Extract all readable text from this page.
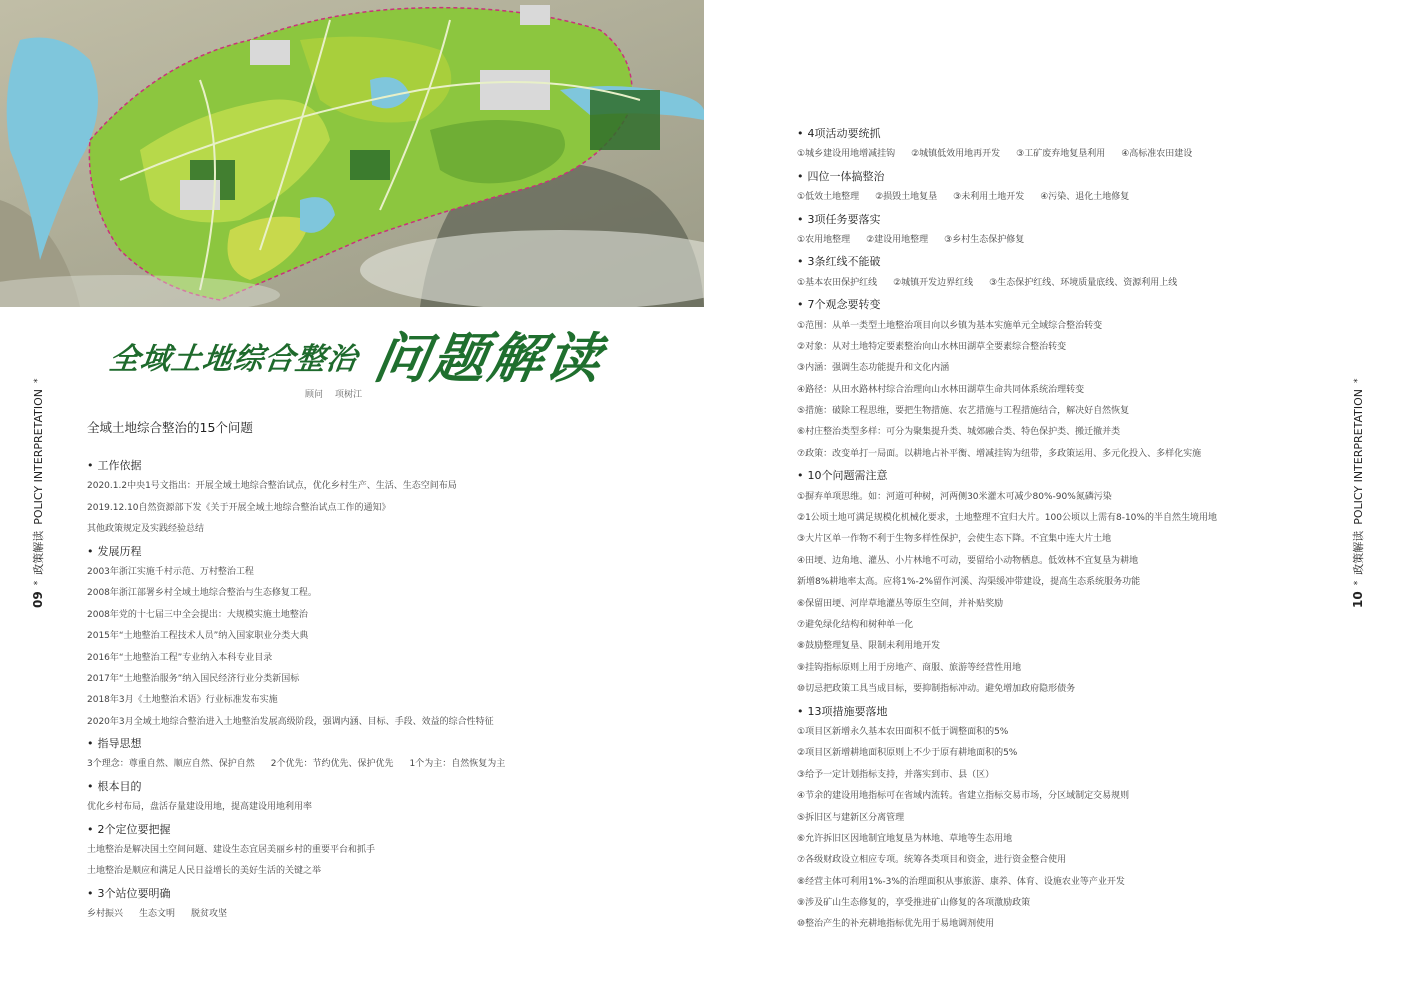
09
*
政策解读
POLICY INTERPRETATION
*
10
*
政策解读
POLICY INTERPRETATION
*
全域土地综合整治 问题解读
顾问 项树江
全域土地综合整治的15个问题
• 工作依据
2020.1.2中央1号文指出：开展全域土地综合整治试点，优化乡村生产、生活、生态空间布局
2019.12.10自然资源部下发《关于开展全域土地综合整治试点工作的通知》
其他政策规定及实践经验总结
• 发展历程
2003年浙江实施千村示范、万村整治工程
2008年浙江部署乡村全域土地综合整治与生态修复工程。
2008年党的十七届三中全会提出：大规模实施土地整治
2015年“土地整治工程技术人员”纳入国家职业分类大典
2016年“土地整治工程”专业纳入本科专业目录
2017年“土地整治服务”纳入国民经济行业分类新国标
2018年3月《土地整治术语》行业标准发布实施
2020年3月全域土地综合整治进入土地整治发展高级阶段，强调内涵、目标、手段、效益的综合性特征
• 指导思想
3个理念：尊重自然、顺应自然、保护自然 2个优先：节约优先、保护优先 1个为主：自然恢复为主
• 根本目的
优化乡村布局，盘活存量建设用地，提高建设用地利用率
• 2个定位要把握
土地整治是解决国土空间问题、建设生态宜居美丽乡村的重要平台和抓手
土地整治是顺应和满足人民日益增长的美好生活的关键之举
• 3个站位要明确
乡村振兴 生态文明 脱贫攻坚
• 4项活动要统抓
①城乡建设用地增减挂钩 ②城镇低效用地再开发 ③工矿废弃地复垦利用 ④高标准农田建设
• 四位一体搞整治
①低效土地整理 ②损毁土地复垦 ③未利用土地开发 ④污染、退化土地修复
• 3项任务要落实
①农用地整理 ②建设用地整理 ③乡村生态保护修复
• 3条红线不能破
①基本农田保护红线 ②城镇开发边界红线 ③生态保护红线、环境质量底线、资源利用上线
• 7个观念要转变
①范围：从单一类型土地整治项目向以乡镇为基本实施单元全域综合整治转变
②对象：从对土地特定要素整治向山水林田湖草全要素综合整治转变
③内涵：强调生态功能提升和文化内涵
④路径：从田水路林村综合治理向山水林田湖草生命共同体系统治理转变
⑤措施：破除工程思维，要把生物措施、农艺措施与工程措施结合，解决好自然恢复
⑥村庄整治类型多样：可分为聚集提升类、城郊融合类、特色保护类、搬迁撤并类
⑦政策：改变单打一局面。以耕地占补平衡、增减挂钩为纽带，多政策运用、多元化投入、多样化实施
• 10个问题需注意
①摒弃单项思维。如：河道可种树，河两侧30米灌木可减少80%-90%氮磷污染
②1公顷土地可满足规模化机械化要求，土地整理不宜归大片。100公顷以上需有8-10%的半自然生境用地
③大片区单一作物不利于生物多样性保护，会使生态下降。不宜集中连大片土地
④田埂、边角地、灌丛、小片林地不可动，要留给小动物栖息。低效林不宜复垦为耕地
新增8%耕地率太高。应将1%-2%留作河溪、沟渠缓冲带建设，提高生态系统服务功能
⑥保留田埂、河岸草地灌丛等原生空间，并补贴奖励
⑦避免绿化结构和树种单一化
⑧鼓励整理复垦、限制未利用地开发
⑨挂钩指标原则上用于房地产、商服、旅游等经营性用地
⑩切忌把政策工具当成目标，要抑制指标冲动。避免增加政府隐形债务
• 13项措施要落地
①项目区新增永久基本农田面积不低于调整面积的5%
②项目区新增耕地面积原则上不少于原有耕地面积的5%
③给予一定计划指标支持，并落实到市、县（区）
④节余的建设用地指标可在省域内流转。省建立指标交易市场，分区域制定交易规则
⑤拆旧区与建新区分离管理
⑥允许拆旧区因地制宜地复垦为林地、草地等生态用地
⑦各级财政设立相应专项。统筹各类项目和资金，进行资金整合使用
⑧经营主体可利用1%-3%的治理面积从事旅游、康养、体育、设施农业等产业开发
⑨涉及矿山生态修复的，享受推进矿山修复的各项激励政策
⑩整治产生的补充耕地指标优先用于易地调剂使用
